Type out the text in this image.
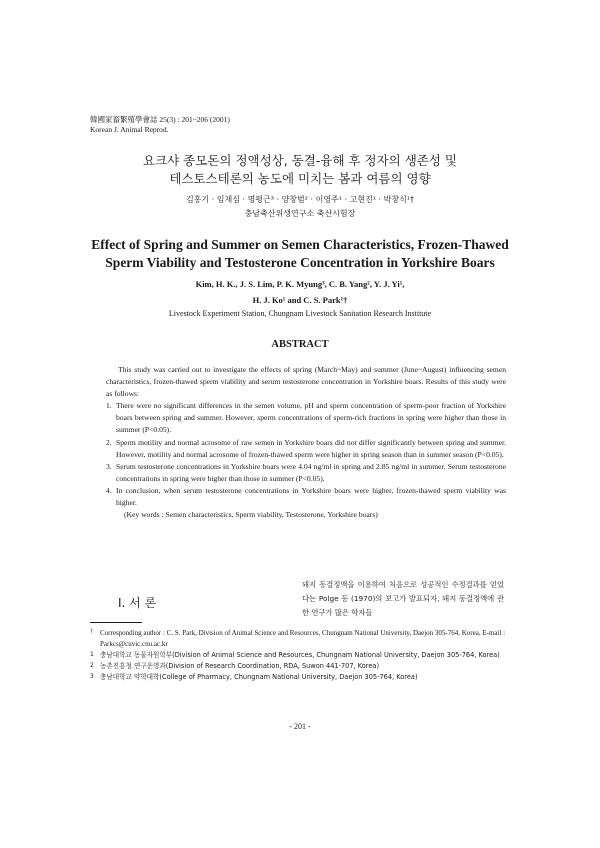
韓國家畜繁殖學會誌 25(3) : 201~206 (2001)
Korean J. Animal Reprod.
요크샤 종모돈의 정액성상, 동결-융해 후 정자의 생존성 및
테스토스테론의 농도에 미치는 봄과 여름의 영향
김홍기 · 임재심 · 명평근³ · 양창범² · 이영주¹ · 고현진¹ · 박창식¹†
충남축산위생연구소 축산시험장
Effect of Spring and Summer on Semen Characteristics, Frozen-Thawed
Sperm Viability and Testosterone Concentration in Yorkshire Boars
Kim, H. K., J. S. Lim, P. K. Myung³, C. B. Yang², Y. J. Yi¹,
H. J. Ko¹ and C. S. Park¹†
Livestock Experiment Station, Chungnam Livestock Sanitation Research Institute
ABSTRACT

This study was carried out to investigate the effects of spring (March~May) and summer (June~August) influencing semen characteristics, frozen-thawed sperm viability and serum testosterone concentration in Yorkshire boars. Results of this study were as follows:

1. There were no significant differences in the semen volume, pH and sperm concentration of sperm-poor fraction of Yorkshire boars between spring and summer. However, sperm concentrations of sperm-rich fractions in spring were higher than those in summer (P<0.05).
2. Sperm motility and normal acrosome of raw semen in Yorkshire boars did not differ significantly between spring and summer. However, motility and normal acrosome of frozen-thawed sperm were higher in spring season than in summer season (P<0.05).
3. Serum testosterone concentrations in Yorkshire boars were 4.04 ng/ml in spring and 2.85 ng/ml in summer. Serum testosterone concentrations in spring were higher than those in summer (P<0.05).
4. In conclusion, when serum testosterone concentrations in Yorkshire boars were higher, frozen-thawed sperm viability was higher.

(Key words : Semen characteristics, Sperm viability, Testosterone, Yorkshire boars)

I. 서 론
돼지 동결정액을 이용하여 처음으로 성공적인 수정결과를 얻었다는 Polge 등 (1970)의 보고가 발표되자, 돼지 동결정액에 관한 연구가 많은 학자들
† Corresponding author : C. S. Park, Division of Animal Science and Resources, Chungnam National University, Daejon 305-764, Korea, E-mail : Parkcs@cuvic.cnu.ac.kr
1 충남대학교 동물자원학부(Division of Animal Science and Resources, Chungnam National University, Daejon 305-764, Korea)
2 농촌진흥청 연구운영과(Division of Research Coordination, RDA, Suwon 441-707, Korea)
3 충남대학교 약학대학(College of Pharmacy, Chungnam National University, Daejon 305-764, Korea)
- 201 -
